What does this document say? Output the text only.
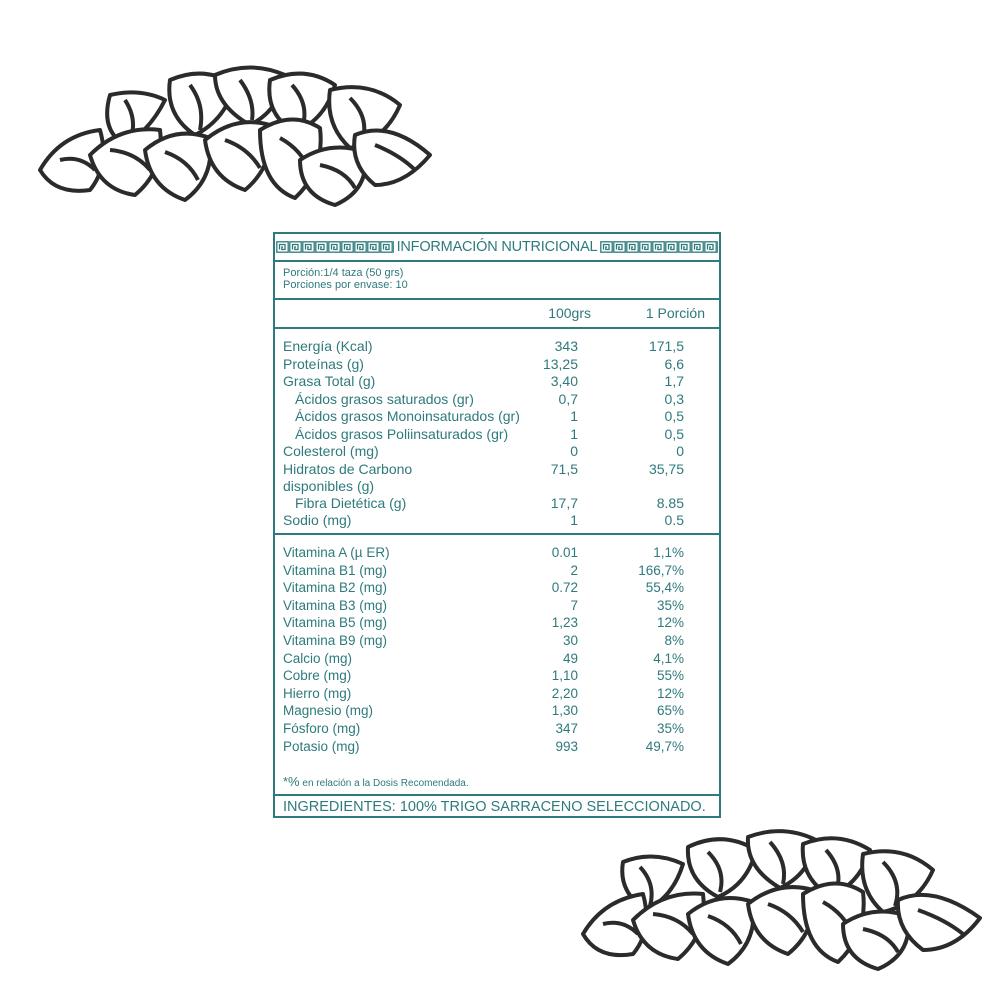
INFORMACIÓN NUTRICIONAL
Porción:1/4 taza (50 grs)
Porciones por envase: 10
100grs	1 Porción
Energía (Kcal)	343	171,5
Proteínas (g)	13,25	6,6
Grasa Total (g)	3,40	1,7
Ácidos grasos saturados (gr)	0,7	0,3
Ácidos grasos Monoinsaturados (gr)	1	0,5
Ácidos grasos Poliinsaturados (gr)	1	0,5
Colesterol (mg)	0	0
Hidratos de Carbono
disponibles (g)
71,5	35,75
Fibra Dietética (g)	17,7	8.85
Sodio (mg)	1	0.5
Vitamina A (µ ER)	0.01	1,1%
Vitamina B1 (mg)	2	166,7%
Vitamina B2 (mg)	0.72	55,4%
Vitamina B3 (mg)	7	35%
Vitamina B5 (mg)	1,23	12%
Vitamina B9 (mg)	30	8%
Calcio (mg)	49	4,1%
Cobre (mg)	1,10	55%
Hierro (mg)	2,20	12%
Magnesio (mg)	1,30	65%
Fósforo (mg)	347	35%
Potasio (mg)	993	49,7%
*% en relación a la Dosis Recomendada.
INGREDIENTES: 100% TRIGO SARRACENO SELECCIONADO.
